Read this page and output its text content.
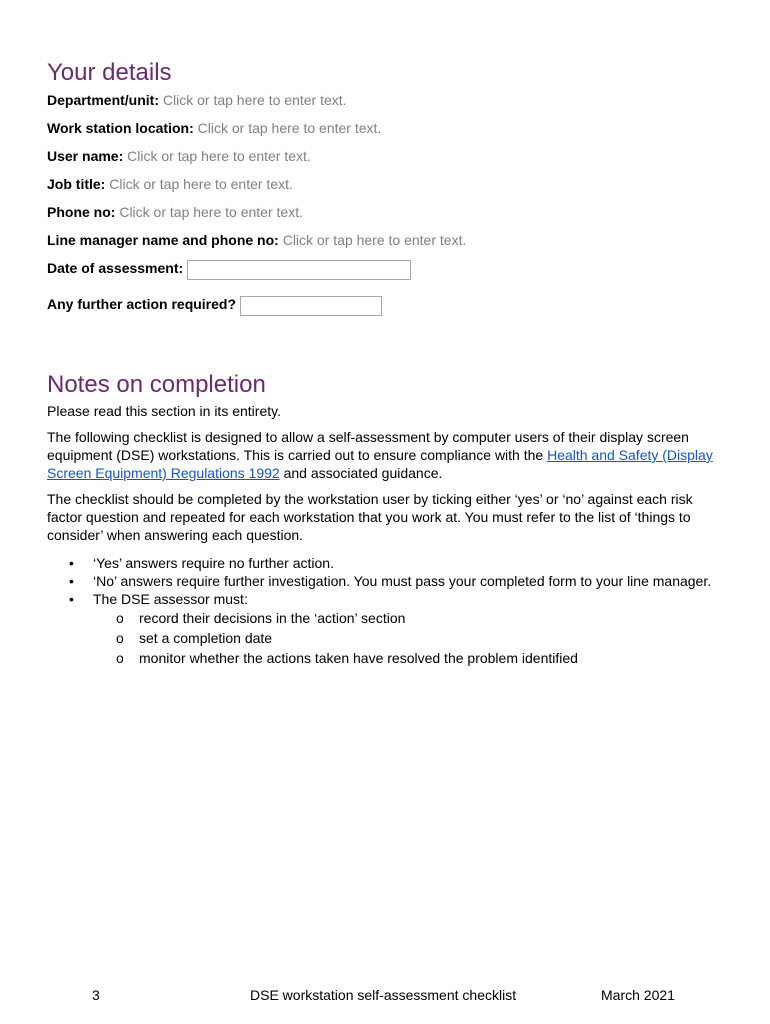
Your details
Department/unit: Click or tap here to enter text.
Work station location: Click or tap here to enter text.
User name: Click or tap here to enter text.
Job title: Click or tap here to enter text.
Phone no: Click or tap here to enter text.
Line manager name and phone no: Click or tap here to enter text.
Date of assessment:
Any further action required?
Notes on completion

Please read this section in its entirety.

The following checklist is designed to allow a self-assessment by computer users of their display screen equipment (DSE) workstations. This is carried out to ensure compliance with the Health and Safety (Display Screen Equipment) Regulations 1992 and associated guidance.

The checklist should be completed by the workstation user by ticking either ‘yes’ or ‘no’ against each risk factor question and repeated for each workstation that you work at. You must refer to the list of ‘things to consider’ when answering each question.

• ‘Yes’ answers require no further action.
• ‘No’ answers require further investigation. You must pass your completed form to your line manager.
• The DSE assessor must:
o record their decisions in the ‘action’ section
o set a completion date
o monitor whether the actions taken have resolved the problem identified
3	DSE workstation self-assessment checklist	March 2021
